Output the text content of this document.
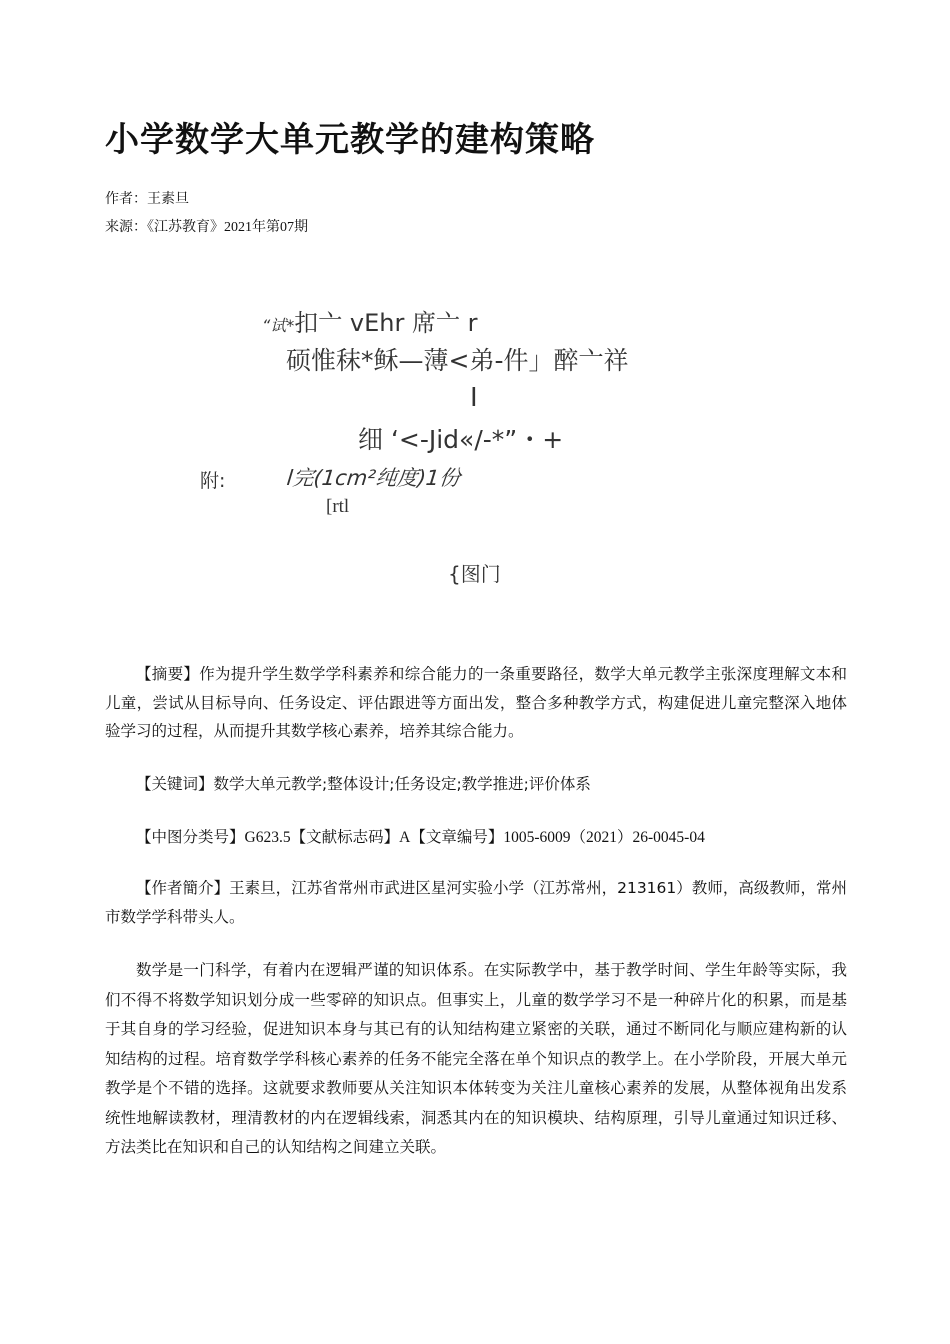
小学数学大单元教学的建构策略
作者：王素旦
来源：《江苏教育》2021年第07期
“试*扣亠 vEhr 席亠 r
硕惟秣*稣—薄<弟-件」醉亠祥
I
细 ‘<-Jid«/-*”・+
附:	l完(1cm²纯度)1份
[rtl
{图门

【摘要】作为提升学生数学学科素养和综合能力的一条重要路径，数学大单元教学主张深度理解文本和儿童，尝试从目标导向、任务设定、评估跟进等方面出发，整合多种教学方式，构建促进儿童完整深入地体验学习的过程，从而提升其数学核心素养，培养其综合能力。

【关键词】数学大单元教学;整体设计;任务设定;教学推进;评价体系

【中图分类号】G623.5【文献标志码】A【文章编号】1005-6009（2021）26-0045-04

【作者簡介】王素旦，江苏省常州市武进区星河实验小学（江苏常州，213161）教师，高级教师，常州市数学学科带头人。

数学是一门科学，有着内在逻辑严谨的知识体系。在实际教学中，基于教学时间、学生年龄等实际，我们不得不将数学知识划分成一些零碎的知识点。但事实上，儿童的数学学习不是一种碎片化的积累，而是基于其自身的学习经验，促进知识本身与其已有的认知结构建立紧密的关联，通过不断同化与顺应建构新的认知结构的过程。培育数学学科核心素养的任务不能完全落在单个知识点的教学上。在小学阶段，开展大单元教学是个不错的选择。这就要求教师要从关注知识本体转变为关注儿童核心素养的发展，从整体视角出发系统性地解读教材，理清教材的内在逻辑线索，洞悉其内在的知识模块、结构原理，引导儿童通过知识迁移、方法类比在知识和自己的认知结构之间建立关联。
